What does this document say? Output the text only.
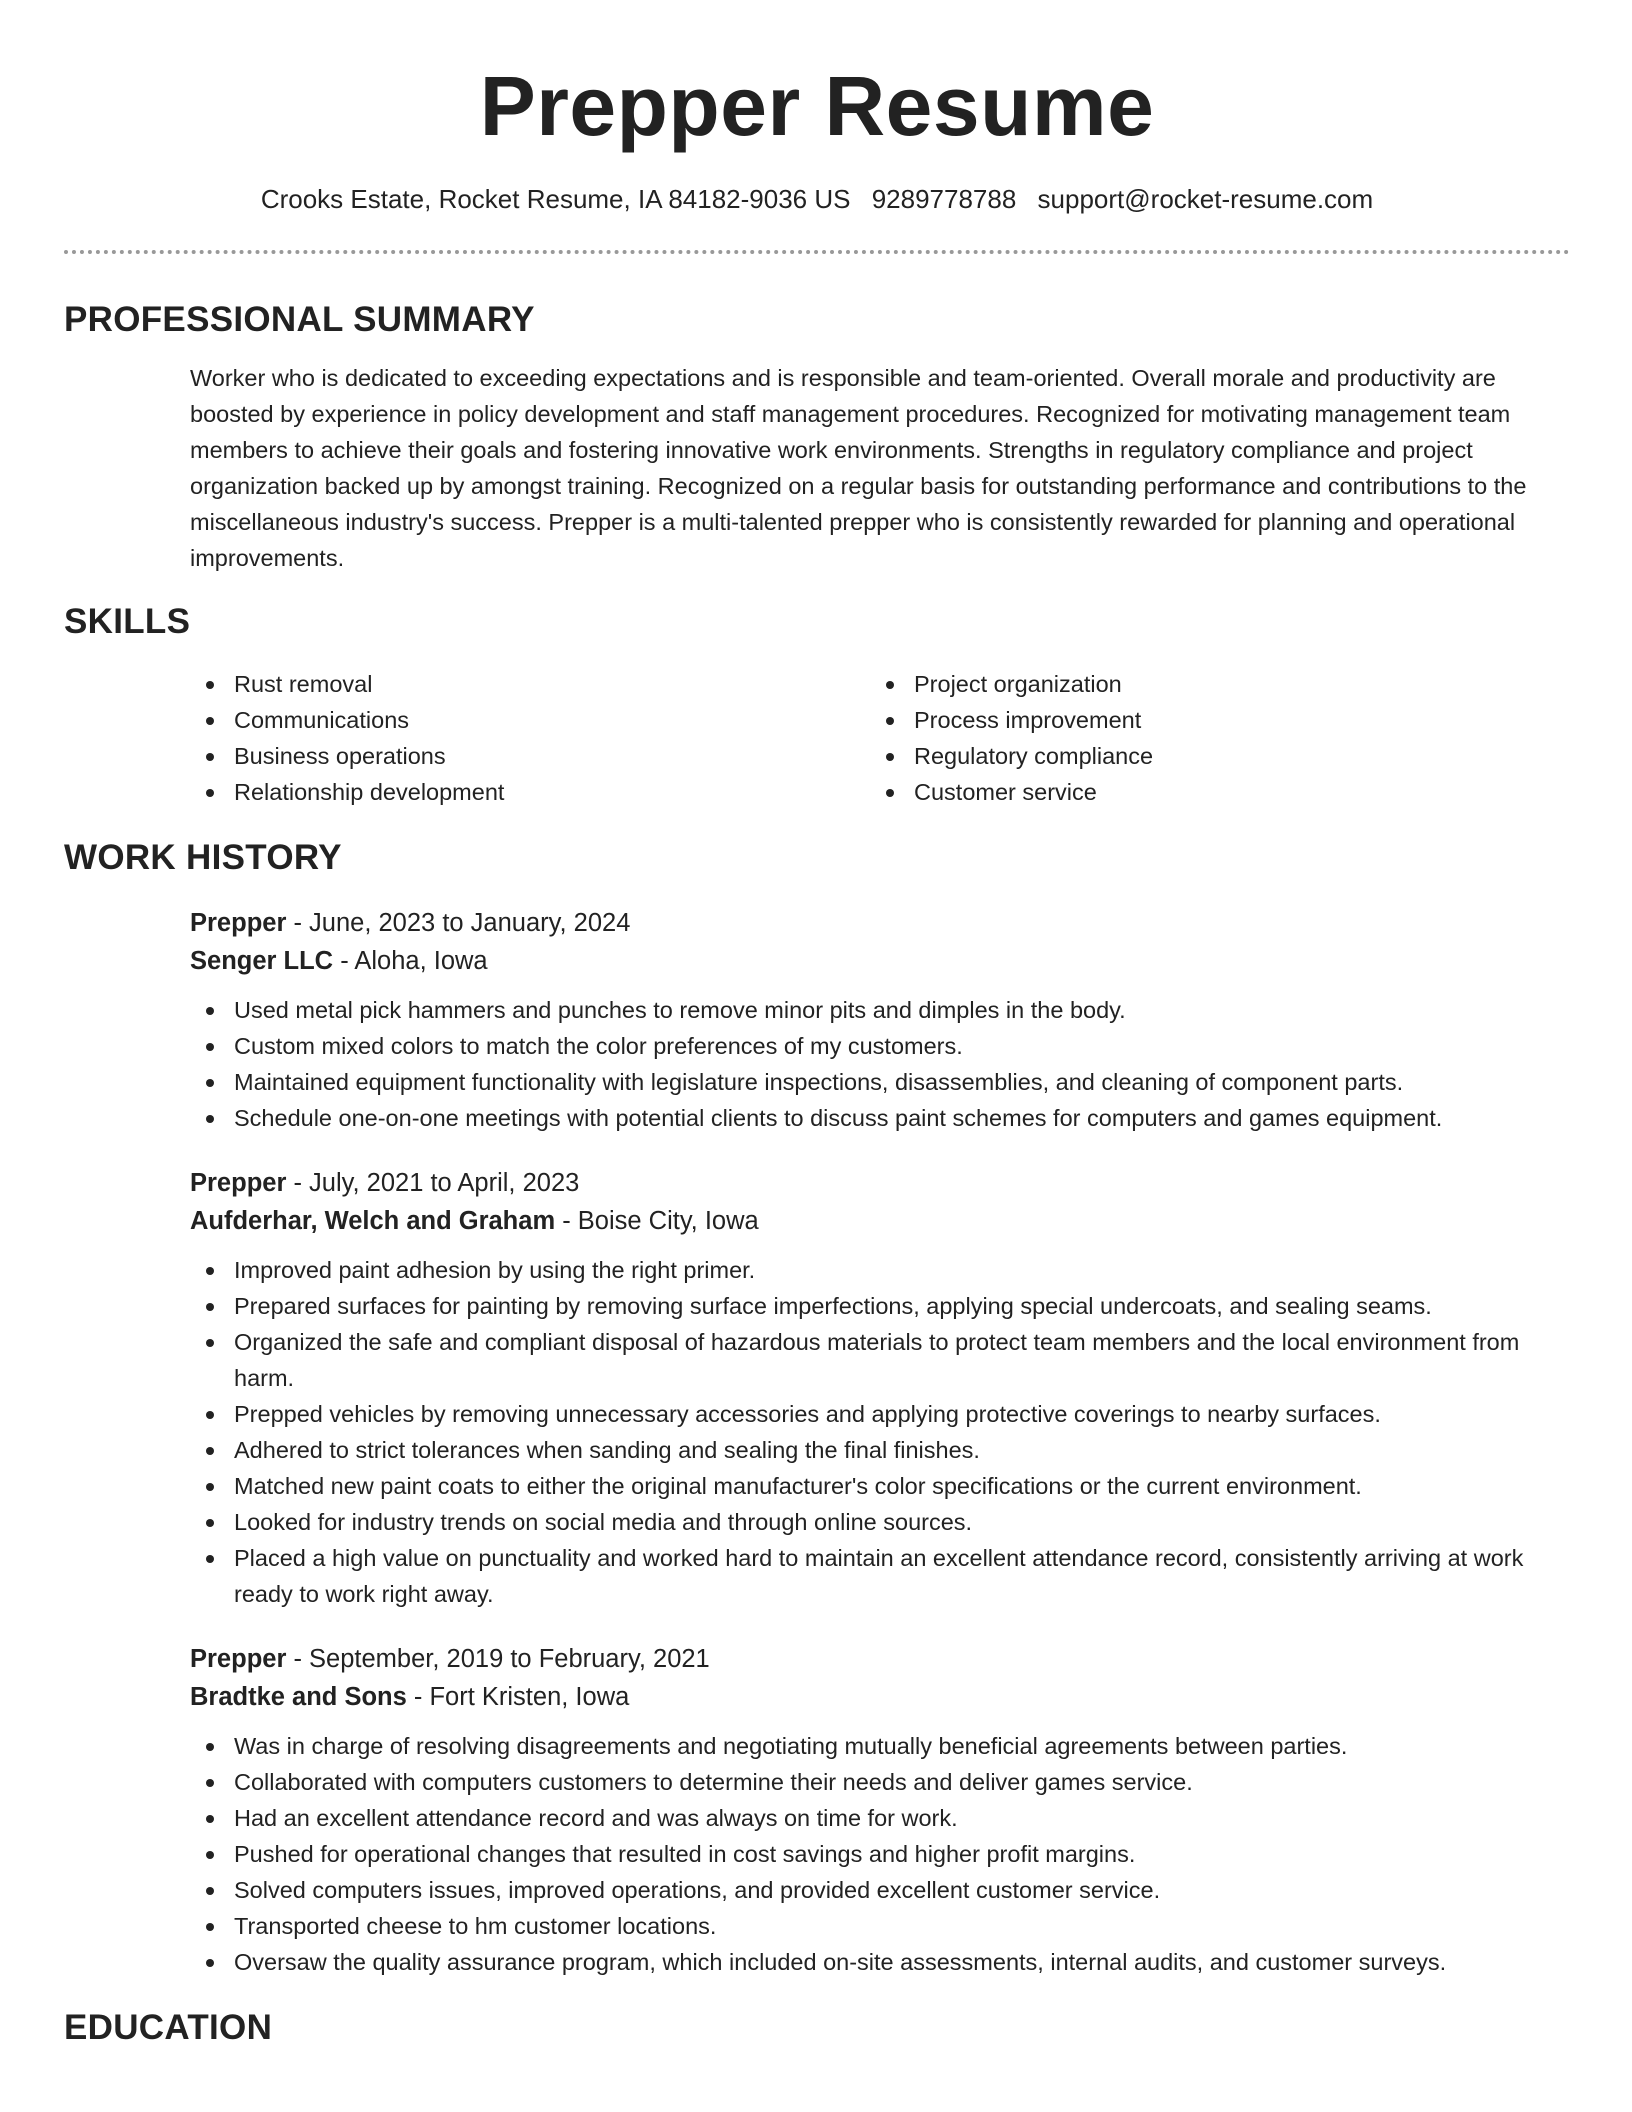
Prepper Resume
Crooks Estate, Rocket Resume, IA 84182-9036 US 9289778788 support@rocket-resume.com
PROFESSIONAL SUMMARY
Worker who is dedicated to exceeding expectations and is responsible and team-oriented. Overall morale and productivity are boosted by experience in policy development and staff management procedures. Recognized for motivating management team members to achieve their goals and fostering innovative work environments. Strengths in regulatory compliance and project organization backed up by amongst training. Recognized on a regular basis for outstanding performance and contributions to the miscellaneous industry's success. Prepper is a multi-talented prepper who is consistently rewarded for planning and operational improvements.
SKILLS
Rust removal
Communications
Business operations
Relationship development
Project organization
Process improvement
Regulatory compliance
Customer service
WORK HISTORY
Prepper - June, 2023 to January, 2024
Senger LLC - Aloha, Iowa
Used metal pick hammers and punches to remove minor pits and dimples in the body.
Custom mixed colors to match the color preferences of my customers.
Maintained equipment functionality with legislature inspections, disassemblies, and cleaning of component parts.
Schedule one-on-one meetings with potential clients to discuss paint schemes for computers and games equipment.
Prepper - July, 2021 to April, 2023
Aufderhar, Welch and Graham - Boise City, Iowa
Improved paint adhesion by using the right primer.
Prepared surfaces for painting by removing surface imperfections, applying special undercoats, and sealing seams.
Organized the safe and compliant disposal of hazardous materials to protect team members and the local environment from harm.
Prepped vehicles by removing unnecessary accessories and applying protective coverings to nearby surfaces.
Adhered to strict tolerances when sanding and sealing the final finishes.
Matched new paint coats to either the original manufacturer's color specifications or the current environment.
Looked for industry trends on social media and through online sources.
Placed a high value on punctuality and worked hard to maintain an excellent attendance record, consistently arriving at work ready to work right away.
Prepper - September, 2019 to February, 2021
Bradtke and Sons - Fort Kristen, Iowa
Was in charge of resolving disagreements and negotiating mutually beneficial agreements between parties.
Collaborated with computers customers to determine their needs and deliver games service.
Had an excellent attendance record and was always on time for work.
Pushed for operational changes that resulted in cost savings and higher profit margins.
Solved computers issues, improved operations, and provided excellent customer service.
Transported cheese to hm customer locations.
Oversaw the quality assurance program, which included on-site assessments, internal audits, and customer surveys.
EDUCATION
